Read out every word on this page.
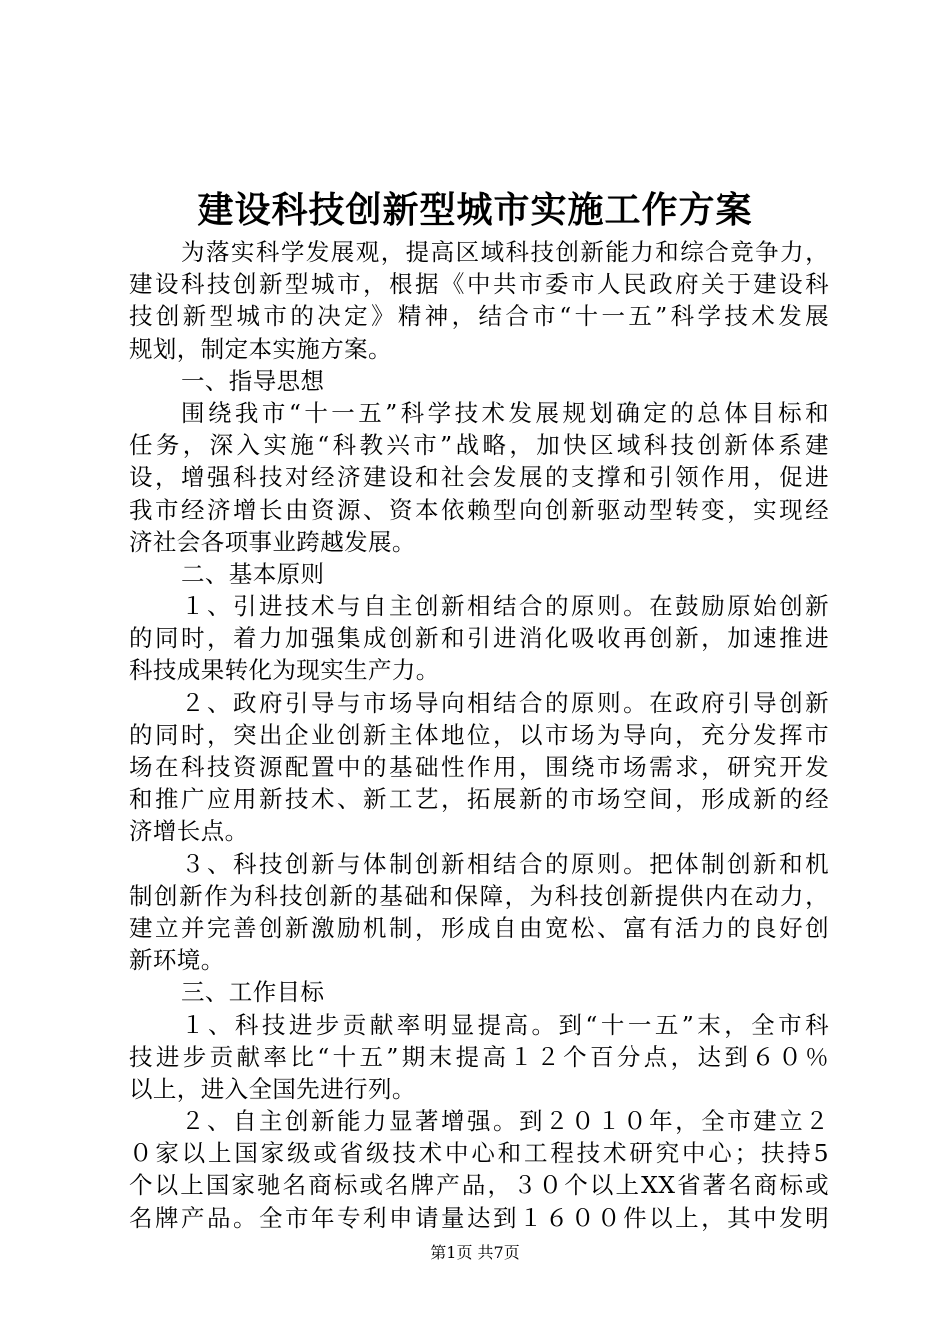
建设科技创新型城市实施工作方案
为落实科学发展观，提高区域科技创新能力和综合竞争力，
建设科技创新型城市，根据《中共市委市人民政府关于建设科
技创新型城市的决定》精神，结合市“十一五”科学技术发展
规划，制定本实施方案。
一、指导思想
围绕我市“十一五”科学技术发展规划确定的总体目标和
任务，深入实施“科教兴市”战略，加快区域科技创新体系建
设，增强科技对经济建设和社会发展的支撑和引领作用，促进
我市经济增长由资源、资本依赖型向创新驱动型转变，实现经
济社会各项事业跨越发展。
二、基本原则
１、引进技术与自主创新相结合的原则。在鼓励原始创新
的同时，着力加强集成创新和引进消化吸收再创新，加速推进
科技成果转化为现实生产力。
２、政府引导与市场导向相结合的原则。在政府引导创新
的同时，突出企业创新主体地位，以市场为导向，充分发挥市
场在科技资源配置中的基础性作用，围绕市场需求，研究开发
和推广应用新技术、新工艺，拓展新的市场空间，形成新的经
济增长点。
３、科技创新与体制创新相结合的原则。把体制创新和机
制创新作为科技创新的基础和保障，为科技创新提供内在动力，
建立并完善创新激励机制，形成自由宽松、富有活力的良好创
新环境。
三、工作目标
１、科技进步贡献率明显提高。到“十一五”末，全市科
技进步贡献率比“十五”期末提高１２个百分点，达到６０％
以上，进入全国先进行列。
２、自主创新能力显著增强。到２０１０年，全市建立２
０家以上国家级或省级技术中心和工程技术研究中心；扶持5
个以上国家驰名商标或名牌产品，３０个以上XX省著名商标或
名牌产品。全市年专利申请量达到１６００件以上，其中发明
第1页 共7页
